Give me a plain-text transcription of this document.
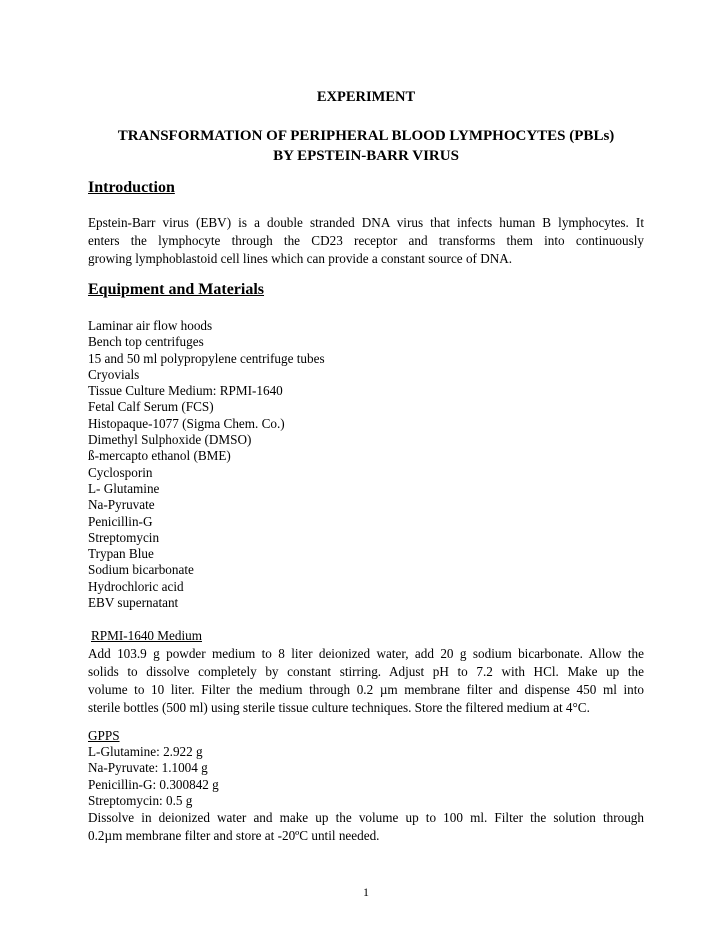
EXPERIMENT
TRANSFORMATION OF PERIPHERAL BLOOD LYMPHOCYTES (PBLs)
BY EPSTEIN-BARR VIRUS
Introduction
Epstein-Barr virus (EBV) is a double stranded DNA virus that infects human B lymphocytes. It
enters the lymphocyte through the CD23 receptor and transforms them into continuously
growing lymphoblastoid cell lines which can provide a constant source of DNA.
Equipment and Materials
Laminar air flow hoods
Bench top centrifuges
15 and 50 ml polypropylene centrifuge tubes
Cryovials
Tissue Culture Medium: RPMI-1640
Fetal Calf Serum (FCS)
Histopaque-1077 (Sigma Chem. Co.)
Dimethyl Sulphoxide (DMSO)
ß-mercapto ethanol (BME)
Cyclosporin
L- Glutamine
Na-Pyruvate
Penicillin-G
Streptomycin
Trypan Blue
Sodium bicarbonate
Hydrochloric acid
EBV supernatant
RPMI-1640 Medium
Add 103.9 g powder medium to 8 liter deionized water, add 20 g sodium bicarbonate. Allow the
solids to dissolve completely by constant stirring. Adjust pH to 7.2 with HCl. Make up the
volume to 10 liter. Filter the medium through 0.2 µm membrane filter and dispense 450 ml into
sterile bottles (500 ml) using sterile tissue culture techniques. Store the filtered medium at 4°C.
GPPS
L-Glutamine: 2.922 g
Na-Pyruvate: 1.1004 g
Penicillin-G: 0.300842 g
Streptomycin: 0.5 g
Dissolve in deionized water and make up the volume up to 100 ml. Filter the solution through
0.2µm membrane filter and store at -20ºC until needed.
1
